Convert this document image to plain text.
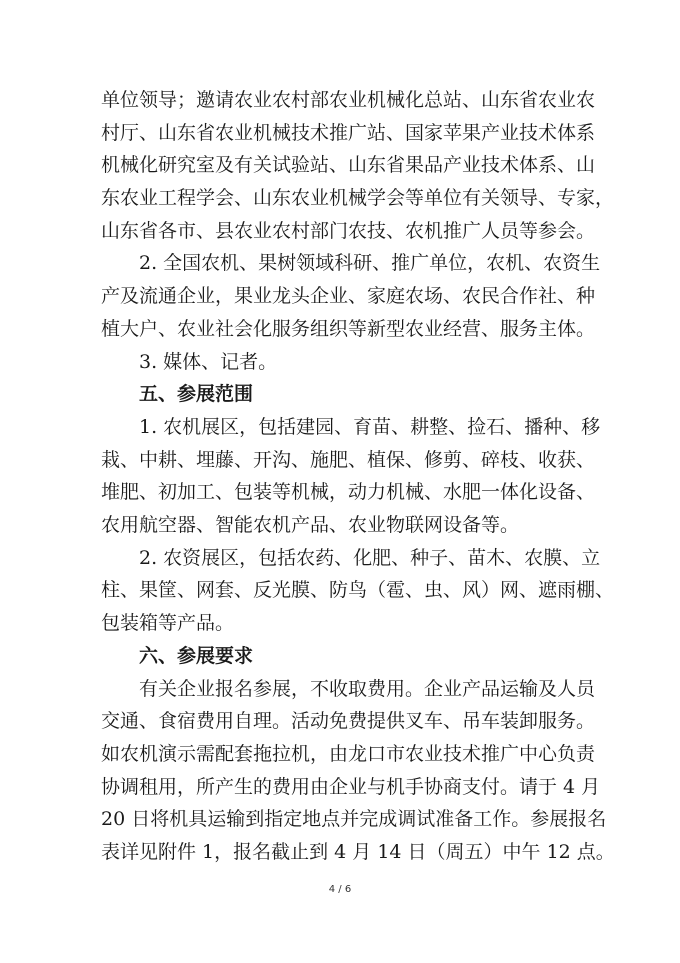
单位领导；邀请农业农村部农业机械化总站、山东省农业农
村厅、山东省农业机械技术推广站、国家苹果产业技术体系
机械化研究室及有关试验站、山东省果品产业技术体系、山
东农业工程学会、山东农业机械学会等单位有关领导、专家，
山东省各市、县农业农村部门农技、农机推广人员等参会。
2. 全国农机、果树领域科研、推广单位，农机、农资生
产及流通企业，果业龙头企业、家庭农场、农民合作社、种
植大户、农业社会化服务组织等新型农业经营、服务主体。
3. 媒体、记者。
五、参展范围
1. 农机展区，包括建园、育苗、耕整、捡石、播种、移
栽、中耕、埋藤、开沟、施肥、植保、修剪、碎枝、收获、
堆肥、初加工、包装等机械，动力机械、水肥一体化设备、
农用航空器、智能农机产品、农业物联网设备等。
2. 农资展区，包括农药、化肥、种子、苗木、农膜、立
柱、果筐、网套、反光膜、防鸟（雹、虫、风）网、遮雨棚、
包装箱等产品。
六、参展要求
有关企业报名参展，不收取费用。企业产品运输及人员
交通、食宿费用自理。活动免费提供叉车、吊车装卸服务。
如农机演示需配套拖拉机，由龙口市农业技术推广中心负责
协调租用，所产生的费用由企业与机手协商支付。请于 4 月
20 日将机具运输到指定地点并完成调试准备工作。参展报名
表详见附件 1，报名截止到 4 月 14 日（周五）中午 12 点。
4 / 6
